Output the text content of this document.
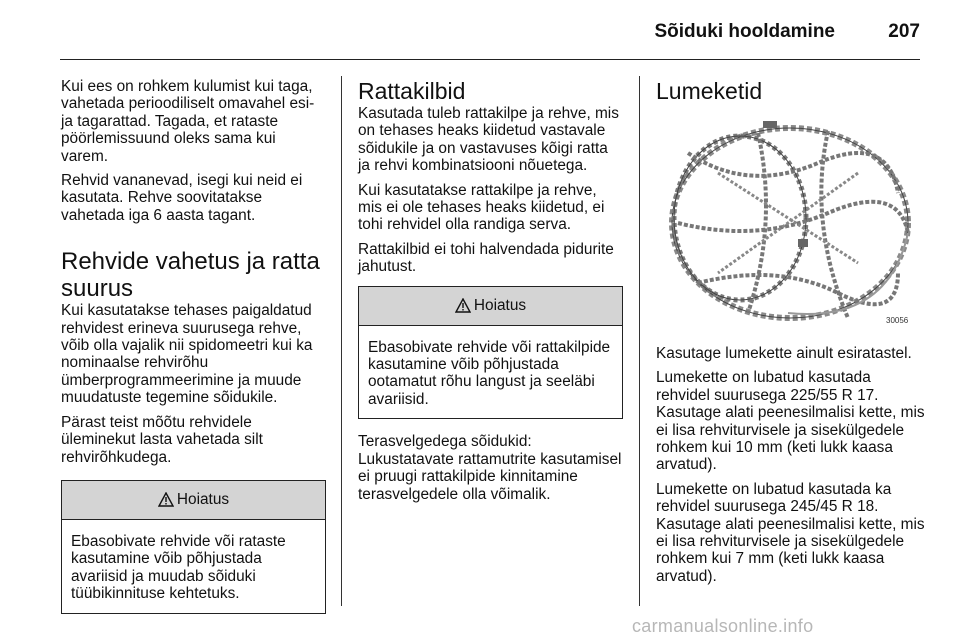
Sõiduki hooldamine	207

Kui ees on rohkem kulumist kui taga, vahetada perioodiliselt omavahel esi- ja tagarattad. Tagada, et rataste pöörlemissuund oleks sama kui varem.

Rehvid vananevad, isegi kui neid ei kasutata. Rehve soovitatakse vahetada iga 6 aasta tagant.

Rehvide vahetus ja ratta suurus

Kui kasutatakse tehases paigaldatud rehvidest erineva suurusega rehve, võib olla vajalik nii spidomeetri kui ka nominaalse rehvirõhu ümberprogrammeerimine ja muude muudatuste tegemine sõidukile.

Pärast teist mõõtu rehvidele üleminekut lasta vahetada silt rehvirõhkudega.

Hoiatus
Ebasobivate rehvide või rataste kasutamine võib põhjustada avariisid ja muudab sõiduki tüübikinnituse kehtetuks.
Rattakilbid

Kasutada tuleb rattakilpe ja rehve, mis on tehases heaks kiidetud vastavale sõidukile ja on vastavuses kõigi ratta ja rehvi kombinatsiooni nõuetega.

Kui kasutatakse rattakilpe ja rehve, mis ei ole tehases heaks kiidetud, ei tohi rehvidel olla randiga serva.

Rattakilbid ei tohi halvendada pidurite jahutust.

Hoiatus
Ebasobivate rehvide või rattakilpide kasutamine võib põhjustada ootamatut rõhu langust ja seeläbi avariisid.

Terasvelgedega sõidukid: Lukustatavate rattamutrite kasutamisel ei pruugi rattakilpide kinnitamine terasvelgedele olla võimalik.

Lumeketid
30056

Kasutage lumekette ainult esiratastel.

Lumekette on lubatud kasutada rehvidel suurusega 225/55 R 17. Kasutage alati peenesilmalisi kette, mis ei lisa rehviturvisele ja sisekülgedele rohkem kui 10 mm (keti lukk kaasa arvatud).

Lumekette on lubatud kasutada ka rehvidel suurusega 245/45 R 18. Kasutage alati peenesilmalisi kette, mis ei lisa rehviturvisele ja sisekülgedele rohkem kui 7 mm (keti lukk kaasa arvatud).

carmanualsonline.info
